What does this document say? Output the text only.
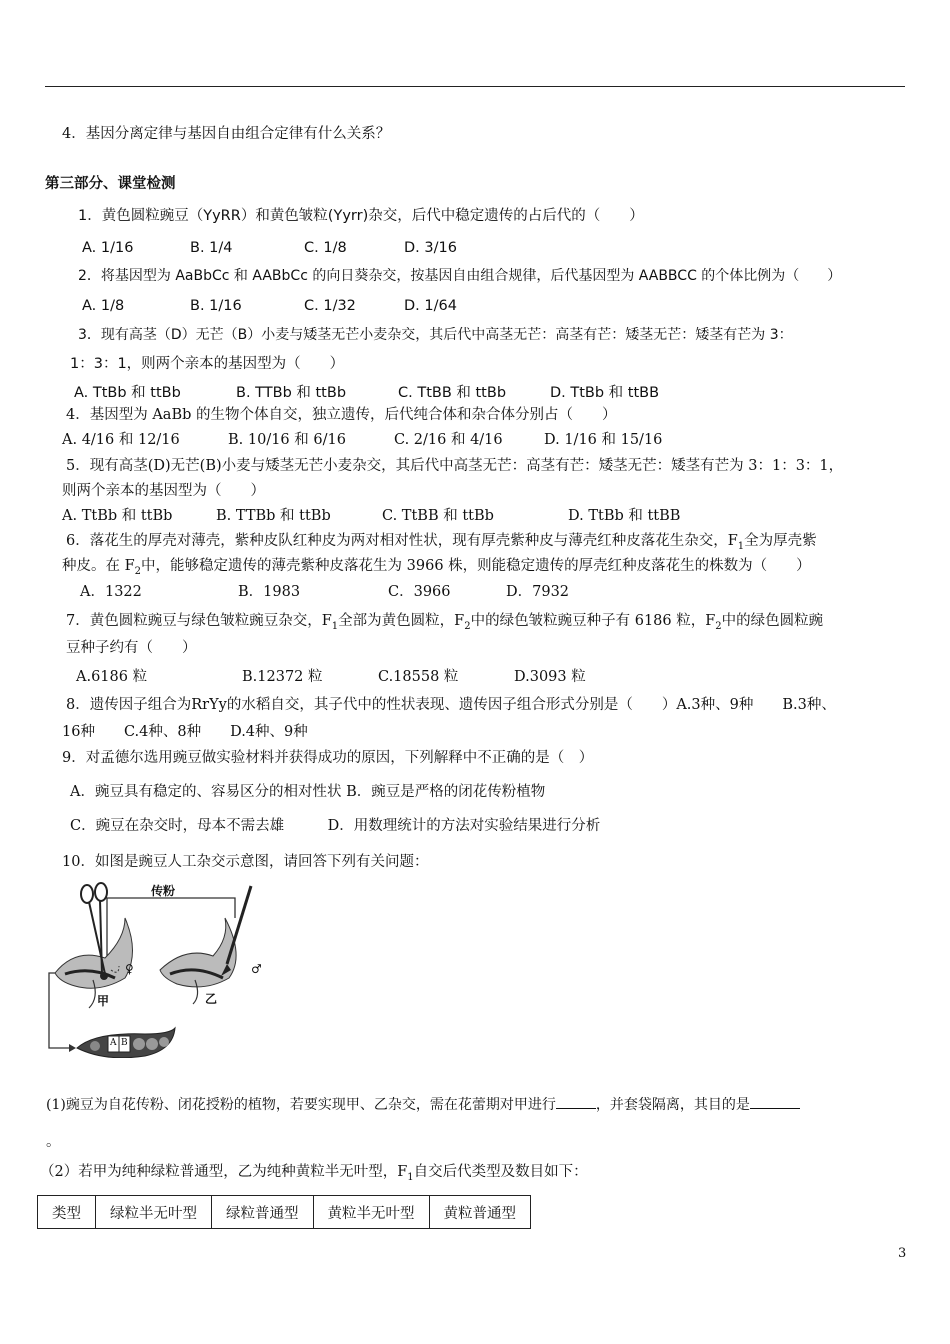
4．基因分离定律与基因自由组合定律有什么关系？
第三部分、课堂检测
1．黄色圆粒豌豆（YyRR）和黄色皱粒(Yyrr)杂交，后代中稳定遗传的占后代的（　　）
A. 1/16	B. 1/4	C. 1/8	D. 3/16
2．将基因型为 AaBbCc 和 AABbCc 的向日葵杂交，按基因自由组合规律，后代基因型为 AABBCC 的个体比例为（　　）
A. 1/8	B. 1/16	C. 1/32	D. 1/64
3．现有高茎（D）无芒（B）小麦与矮茎无芒小麦杂交，其后代中高茎无芒：高茎有芒：矮茎无芒：矮茎有芒为 3：
1：3：1，则两个亲本的基因型为（　　）
A. TtBb 和 ttBb	B. TTBb 和 ttBb	C. TtBB 和 ttBb	D. TtBb 和 ttBB
4．基因型为 AaBb 的生物个体自交，独立遗传，后代纯合体和杂合体分别占（　　）
A. 4/16 和 12/16	B. 10/16 和 6/16	C. 2/16 和 4/16	D. 1/16 和 15/16
5．现有高茎(D)无芒(B)小麦与矮茎无芒小麦杂交，其后代中高茎无芒：高茎有芒：矮茎无芒：矮茎有芒为 3：1：3：1，
则两个亲本的基因型为（　　）
A. TtBb 和 ttBb	B. TTBb 和 ttBb	C. TtBB 和 ttBb	D. TtBb 和 ttBB
6．落花生的厚壳对薄壳，紫种皮队红种皮为两对相对性状，现有厚壳紫种皮与薄壳红种皮落花生杂交，$F_1$全为厚壳紫
种皮。在 $F_2$中，能够稳定遗传的薄壳紫种皮落花生为 3966 株，则能稳定遗传的厚壳红种皮落花生的株数为（　　）
A．1322	B．1983	C．3966	D．7932
7．黄色圆粒豌豆与绿色皱粒豌豆杂交，$F_1$全部为黄色圆粒，$F_2$中的绿色皱粒豌豆种子有 6186 粒，$F_2$中的绿色圆粒豌
豆种子约有（　　）
A.6186 粒	B.12372 粒	C.18558 粒	D.3093 粒
8．遗传因子组合为RrYy的水稻自交，其子代中的性状表现、遗传因子组合形式分别是（　　）A.3种、9种　　B.3种、
16种　　C.4种、8种　　D.4种、9种
9．对孟德尔选用豌豆做实验材料并获得成功的原因，下列解释中不正确的是（　）
A．豌豆具有稳定的、容易区分的相对性状 B．豌豆是严格的闭花传粉植物
C．豌豆在杂交时，母本不需去雄　　　D．用数理统计的方法对实验结果进行分析
10．如图是豌豆人工杂交示意图，请回答下列有关问题：
传粉
♀	♂
甲	乙
A B
(1)豌豆为自花传粉、闭花授粉的植物，若要实现甲、乙杂交，需在花蕾期对甲进行	，并套袋隔离，其目的是
。
（2）若甲为纯种绿粒普通型，乙为纯种黄粒半无叶型，$F_1$自交后代类型及数目如下：
类型	绿粒半无叶型	绿粒普通型	黄粒半无叶型	黄粒普通型
3
